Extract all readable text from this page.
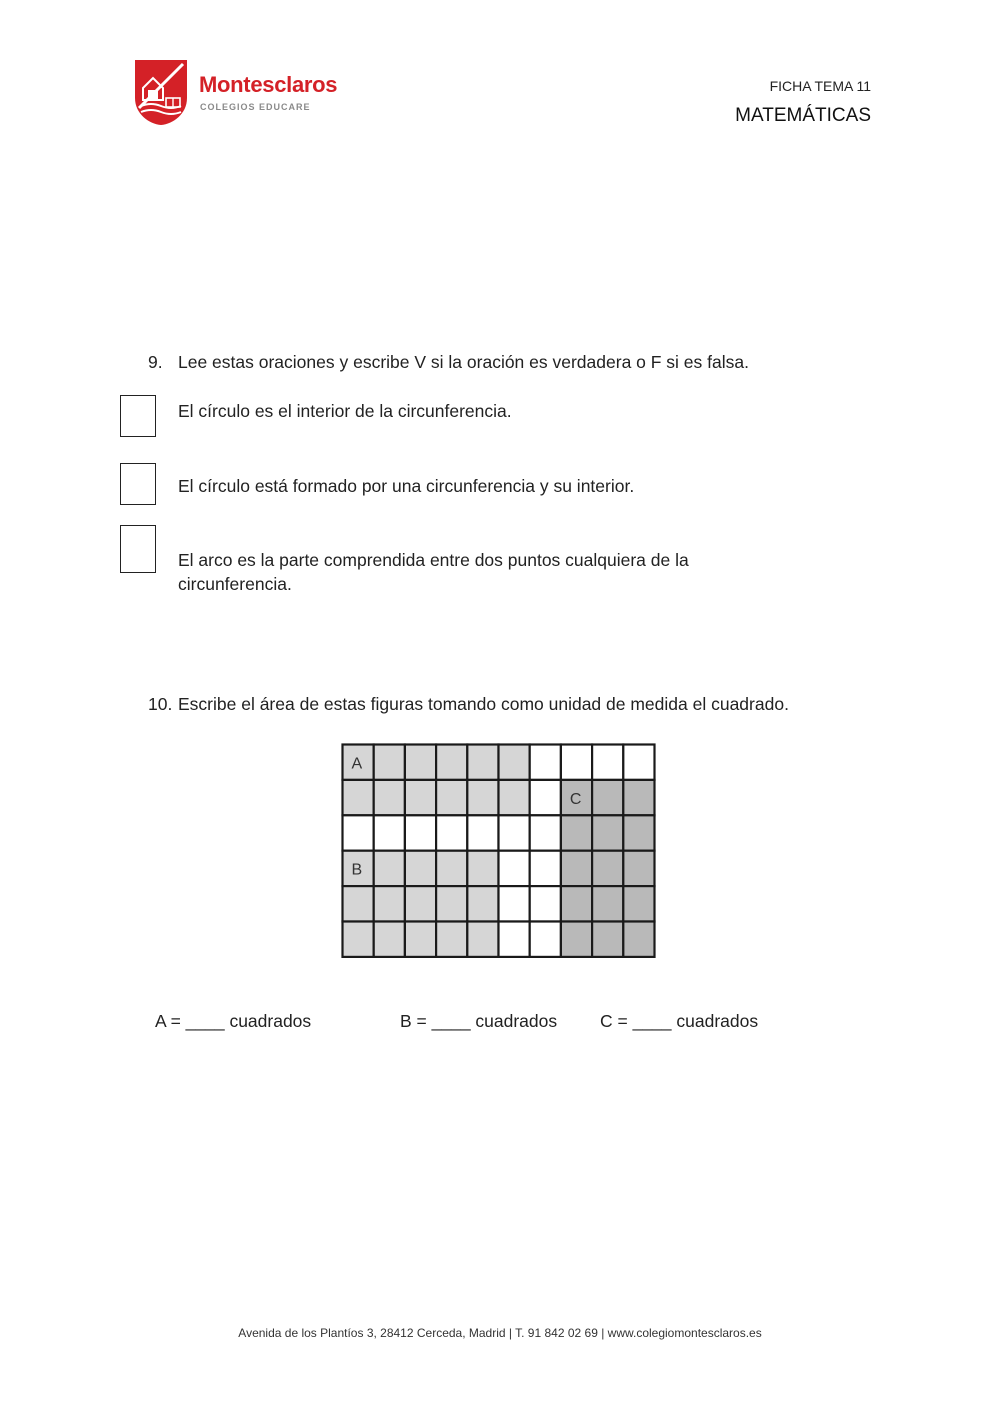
Montesclaros
COLEGIOS EDUCARE
FICHA TEMA 11
MATEMÁTICAS
9. Lee estas oraciones y escribe V si la oración es verdadera o F si es falsa.
El círculo es el interior de la circunferencia.
El círculo está formado por una circunferencia y su interior.
El arco es la parte comprendida entre dos puntos cualquiera de la circunferencia.
10. Escribe el área de estas figuras tomando como unidad de medida el cuadrado.
A
C
B
A = ____ cuadrados	B = ____ cuadrados C = ____ cuadrados
Avenida de los Plantíos 3, 28412 Cerceda, Madrid | T. 91 842 02 69 | www.colegiomontesclaros.es
